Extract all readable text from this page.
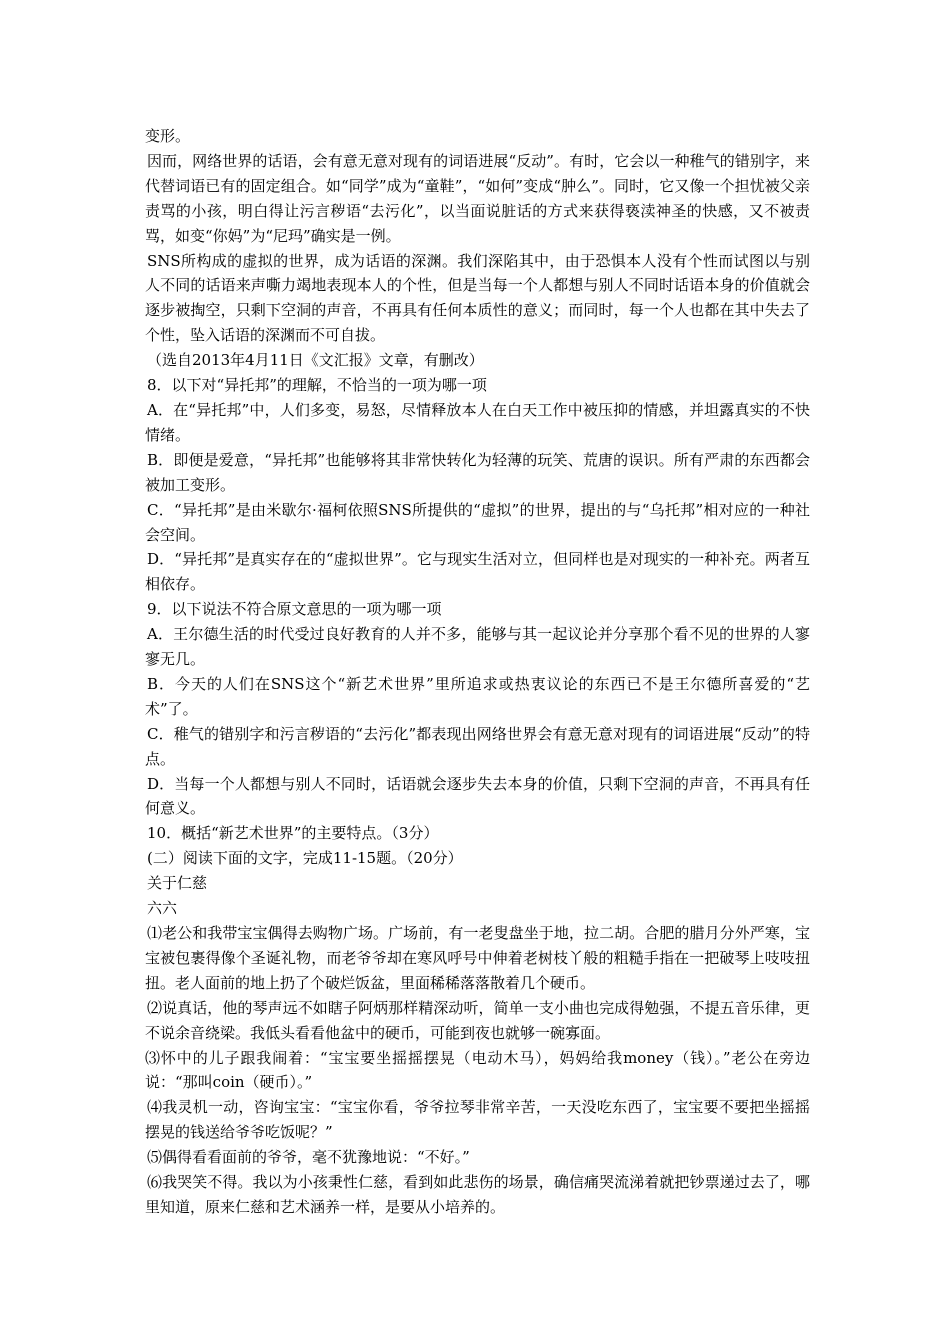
变形。

因而，网络世界的话语，会有意无意对现有的词语进展“反动”。有时，它会以一种稚气的错别字，来代替词语已有的固定组合。如“同学”成为“童鞋”，“如何”变成“肿么”。同时，它又像一个担忧被父亲责骂的小孩，明白得让污言秽语“去污化”，以当面说脏话的方式来获得亵渎神圣的快感，又不被责骂，如变“你妈”为“尼玛”确实是一例。

SNS所构成的虚拟的世界，成为话语的深渊。我们深陷其中，由于恐惧本人没有个性而试图以与别人不同的话语来声嘶力竭地表现本人的个性，但是当每一个人都想与别人不同时话语本身的价值就会逐步被掏空，只剩下空洞的声音，不再具有任何本质性的意义；而同时，每一个人也都在其中失去了个性，坠入话语的深渊而不可自拔。

（选自2013年4月11日《文汇报》文章，有删改）

8．以下对“异托邦”的理解，不恰当的一项为哪一项

A．在“异托邦”中，人们多变，易怒，尽情释放本人在白天工作中被压抑的情感，并坦露真实的不快情绪。

B．即便是爱意，“异托邦”也能够将其非常快转化为轻薄的玩笑、荒唐的误识。所有严肃的东西都会被加工变形。

C．“异托邦”是由米歇尔·福柯依照SNS所提供的“虚拟”的世界，提出的与“乌托邦”相对应的一种社会空间。

D．“异托邦”是真实存在的“虚拟世界”。它与现实生活对立，但同样也是对现实的一种补充。两者互相依存。

9．以下说法不符合原文意思的一项为哪一项

A．王尔德生活的时代受过良好教育的人并不多，能够与其一起议论并分享那个看不见的世界的人寥寥无几。

B．今天的人们在SNS这个“新艺术世界”里所追求或热衷议论的东西已不是王尔德所喜爱的“艺术”了。

C．稚气的错别字和污言秽语的“去污化”都表现出网络世界会有意无意对现有的词语进展“反动”的特点。

D．当每一个人都想与别人不同时，话语就会逐步失去本身的价值，只剩下空洞的声音，不再具有任何意义。

10．概括“新艺术世界”的主要特点。（3分）

(二）阅读下面的文字，完成11-15题。（20分）

关于仁慈

六六

⑴老公和我带宝宝偶得去购物广场。广场前，有一老叟盘坐于地，拉二胡。合肥的腊月分外严寒，宝宝被包裹得像个圣诞礼物，而老爷爷却在寒风呼号中伸着老树枝丫般的粗糙手指在一把破琴上吱吱扭扭。老人面前的地上扔了个破烂饭盆，里面稀稀落落散着几个硬币。

⑵说真话，他的琴声远不如瞎子阿炳那样精深动听，简单一支小曲也完成得勉强，不提五音乐律，更不说余音绕梁。我低头看看他盆中的硬币，可能到夜也就够一碗寡面。

⑶怀中的儿子跟我闹着：“宝宝要坐摇摇摆晃（电动木马），妈妈给我money（钱）。”老公在旁边说：“那叫coin（硬币）。”

⑷我灵机一动，咨询宝宝：“宝宝你看，爷爷拉琴非常辛苦，一天没吃东西了，宝宝要不要把坐摇摇摆晃的钱送给爷爷吃饭呢？”

⑸偶得看看面前的爷爷，毫不犹豫地说：“不好。”

⑹我哭笑不得。我以为小孩秉性仁慈，看到如此悲伤的场景，确信痛哭流涕着就把钞票递过去了，哪里知道，原来仁慈和艺术涵养一样，是要从小培养的。
